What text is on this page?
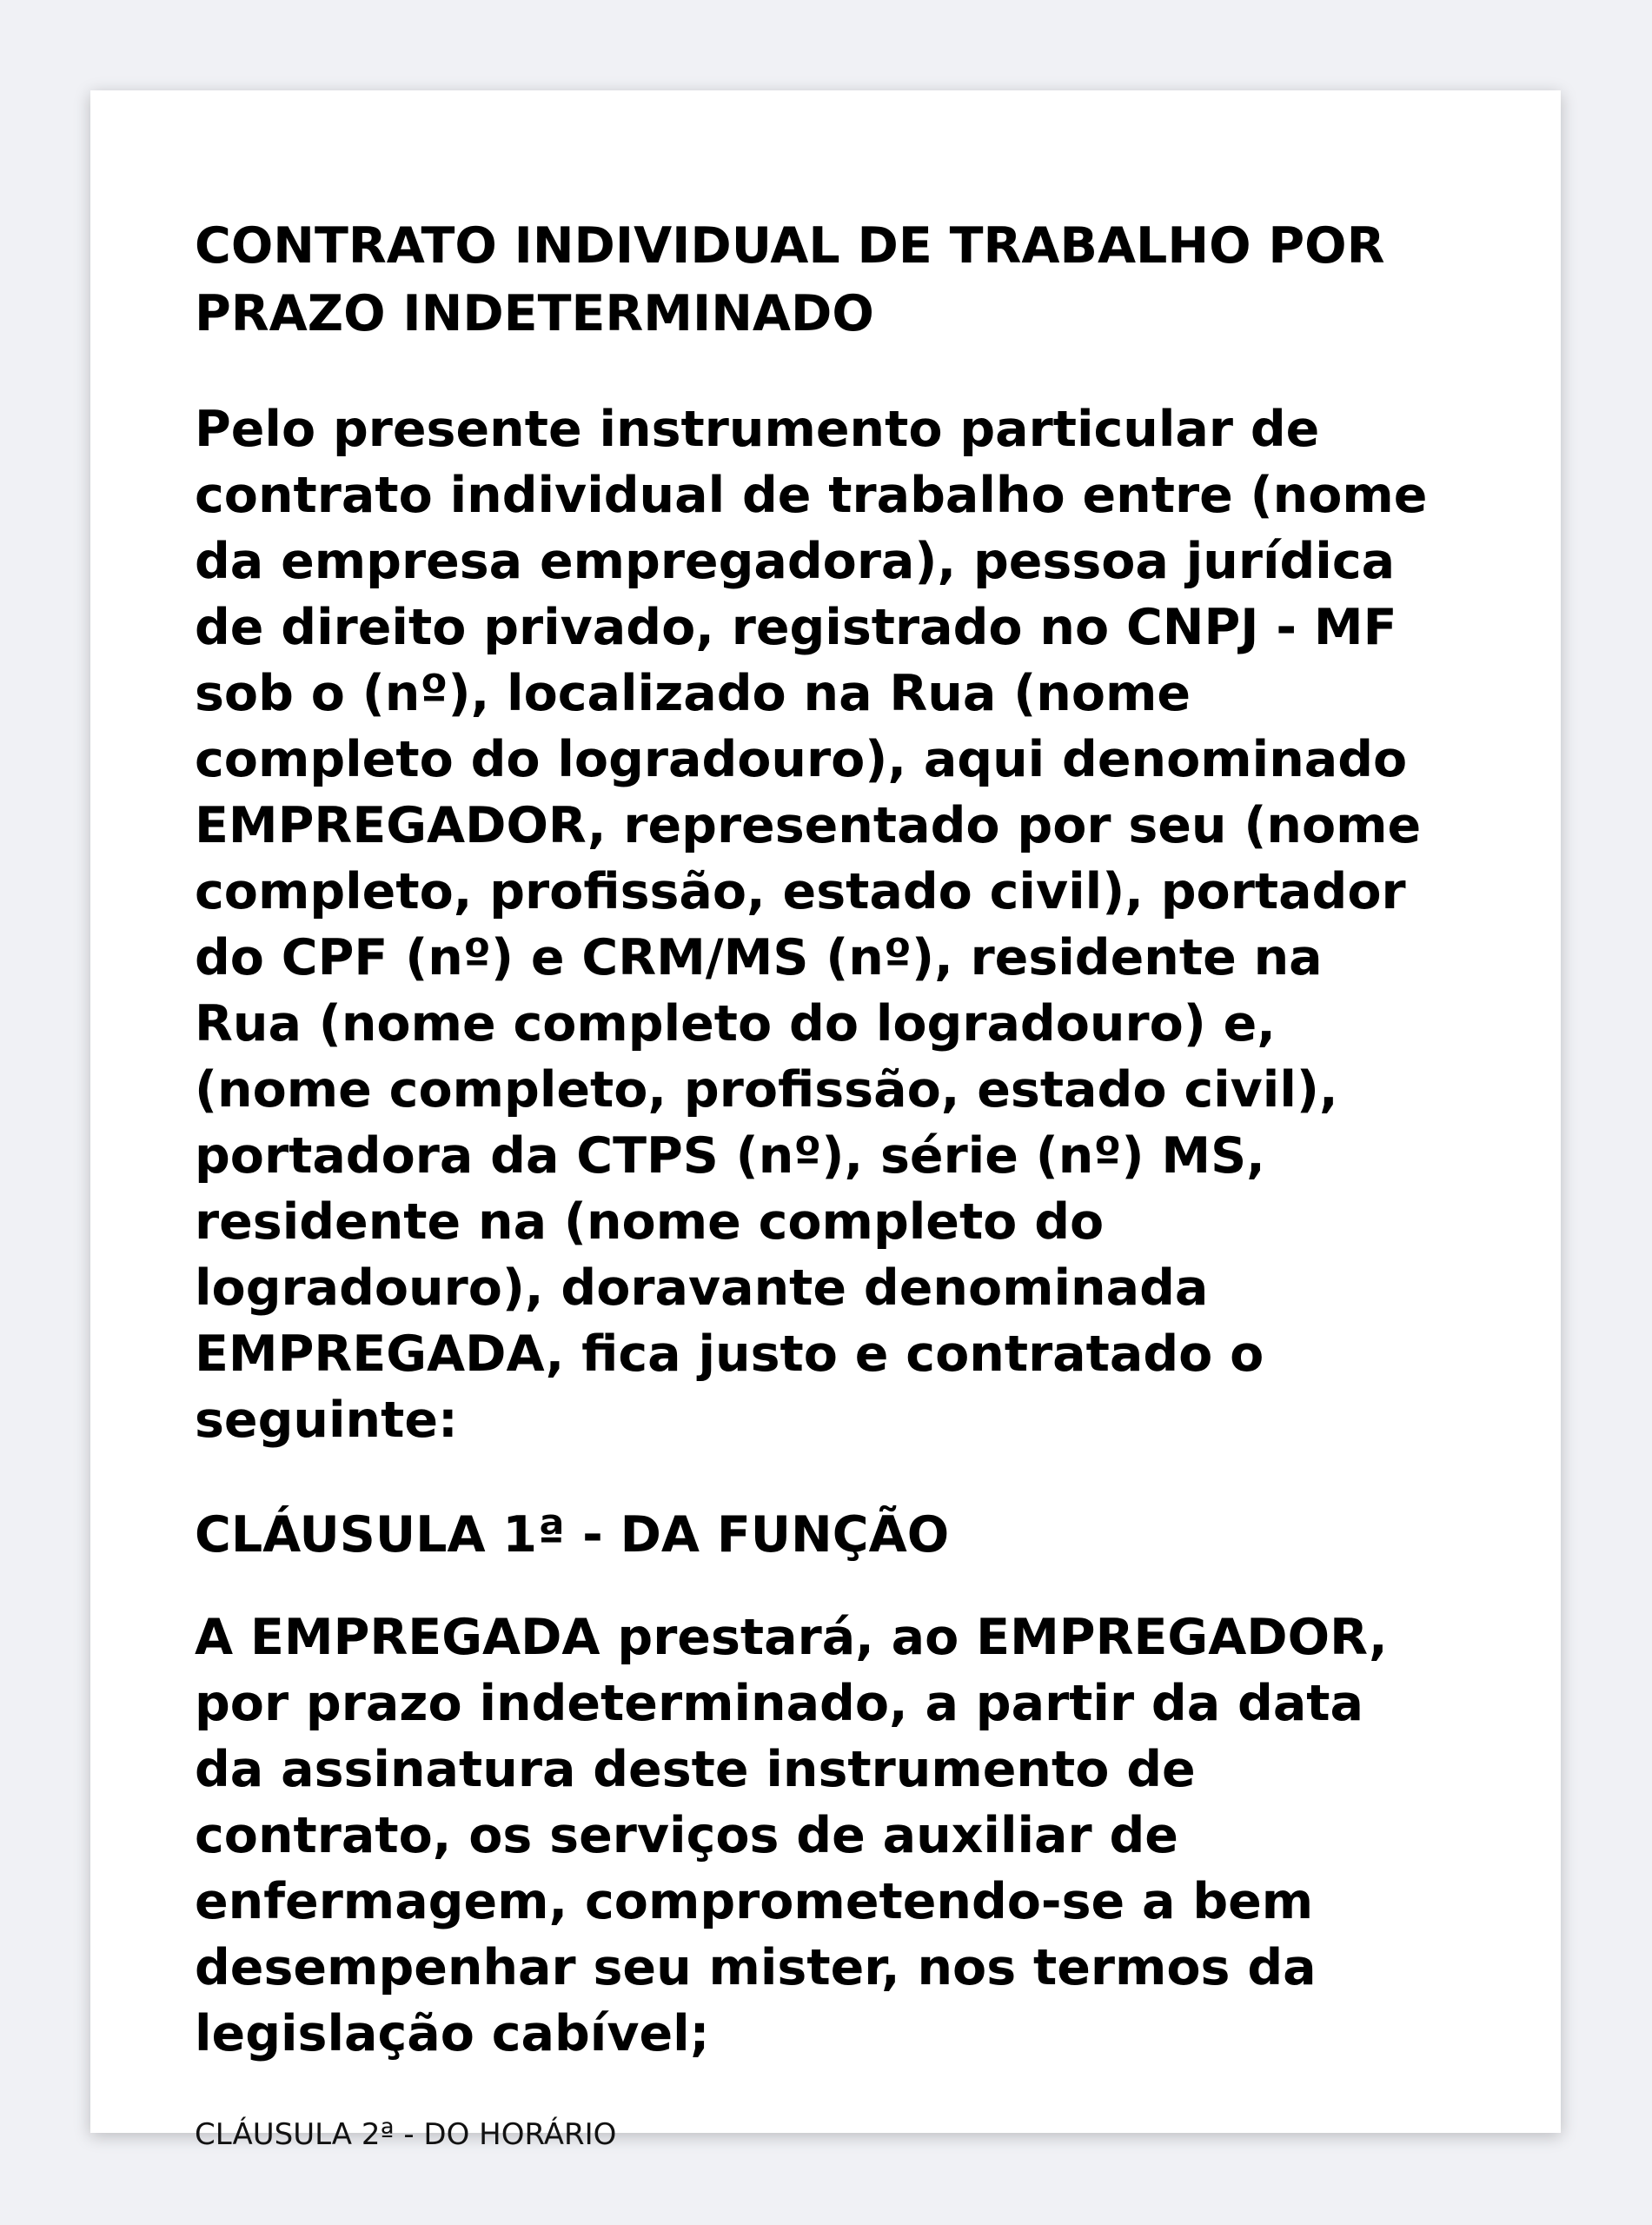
CONTRATO INDIVIDUAL DE TRABALHO POR
PRAZO INDETERMINADO

Pelo presente instrumento particular de
contrato individual de trabalho entre (nome
da empresa empregadora), pessoa jurídica
de direito privado, registrado no CNPJ - MF
sob o (nº), localizado na Rua (nome
completo do logradouro), aqui denominado
EMPREGADOR, representado por seu (nome
completo, profissão, estado civil), portador
do CPF (nº) e CRM/MS (nº), residente na
Rua (nome completo do logradouro) e,
(nome completo, profissão, estado civil),
portadora da CTPS (nº), série (nº) MS,
residente na (nome completo do
logradouro), doravante denominada
EMPREGADA, fica justo e contratado o
seguinte:

CLÁUSULA 1ª - DA FUNÇÃO

A EMPREGADA prestará, ao EMPREGADOR,
por prazo indeterminado, a partir da data
da assinatura deste instrumento de
contrato, os serviços de auxiliar de
enfermagem, comprometendo-se a bem
desempenhar seu mister, nos termos da
legislação cabível;

CLÁUSULA 2ª - DO HORÁRIO
